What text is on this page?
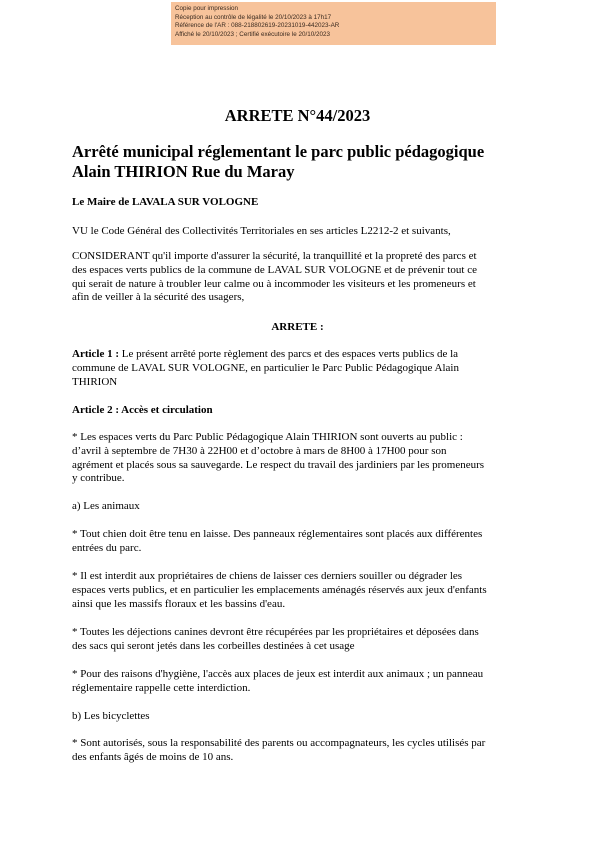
Copie pour impression
Réception au contrôle de légalité le 20/10/2023 à 17h17
Référence de l'AR : 088-218802619-20231019-442023-AR
Affiché le 20/10/2023 ; Certifié exécutoire le 20/10/2023
ARRETE N°44/2023
Arrêté municipal réglementant le parc public pédagogique
Alain THIRION Rue du Maray
Le Maire de LAVALA SUR VOLOGNE
VU le Code Général des Collectivités Territoriales en ses articles L2212-2 et suivants,
CONSIDERANT qu'il importe d'assurer la sécurité, la tranquillité et la propreté des parcs et
des espaces verts publics de la commune de LAVAL SUR VOLOGNE et de prévenir tout ce
qui serait de nature à troubler leur calme ou à incommoder les visiteurs et les promeneurs et
afin de veiller à la sécurité des usagers,
ARRETE :
Article 1 : Le présent arrêté porte règlement des parcs et des espaces verts publics de la
commune de LAVAL SUR VOLOGNE, en particulier le Parc Public Pédagogique Alain
THIRION
Article 2 : Accès et circulation
* Les espaces verts du Parc Public Pédagogique Alain THIRION sont ouverts au public :
d’avril à septembre de 7H30 à 22H00 et d’octobre à mars de 8H00 à 17H00 pour son
agrément et placés sous sa sauvegarde. Le respect du travail des jardiniers par les promeneurs
y contribue.
a) Les animaux
* Tout chien doit être tenu en laisse. Des panneaux réglementaires sont placés aux différentes
entrées du parc.
* Il est interdit aux propriétaires de chiens de laisser ces derniers souiller ou dégrader les
espaces verts publics, et en particulier les emplacements aménagés réservés aux jeux d'enfants
ainsi que les massifs floraux et les bassins d'eau.
* Toutes les déjections canines devront être récupérées par les propriétaires et déposées dans
des sacs qui seront jetés dans les corbeilles destinées à cet usage
* Pour des raisons d'hygiène, l'accès aux places de jeux est interdit aux animaux ; un panneau
réglementaire rappelle cette interdiction.
b) Les bicyclettes
* Sont autorisés, sous la responsabilité des parents ou accompagnateurs, les cycles utilisés par
des enfants âgés de moins de 10 ans.
